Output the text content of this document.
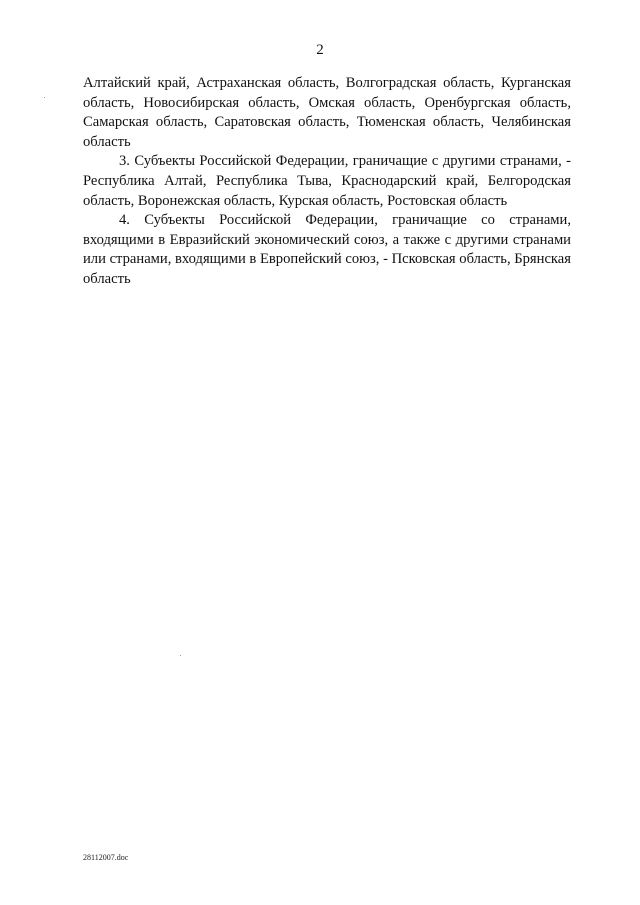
2

Алтайский край, Астраханская область, Волгоградская область, Курганская область, Новосибирская область, Омская область, Оренбургская область, Самарская область, Саратовская область, Тюменская область, Челябинская область

3. Субъекты Российской Федерации, граничащие с другими странами, - Республика Алтай, Республика Тыва, Краснодарский край, Белгородская область, Воронежская область, Курская область, Ростовская область

4. Субъекты Российской Федерации, граничащие со странами, входящими в Евразийский экономический союз, а также с другими странами или странами, входящими в Европейский союз, - Псковская область, Брянская область

28112007.doc
